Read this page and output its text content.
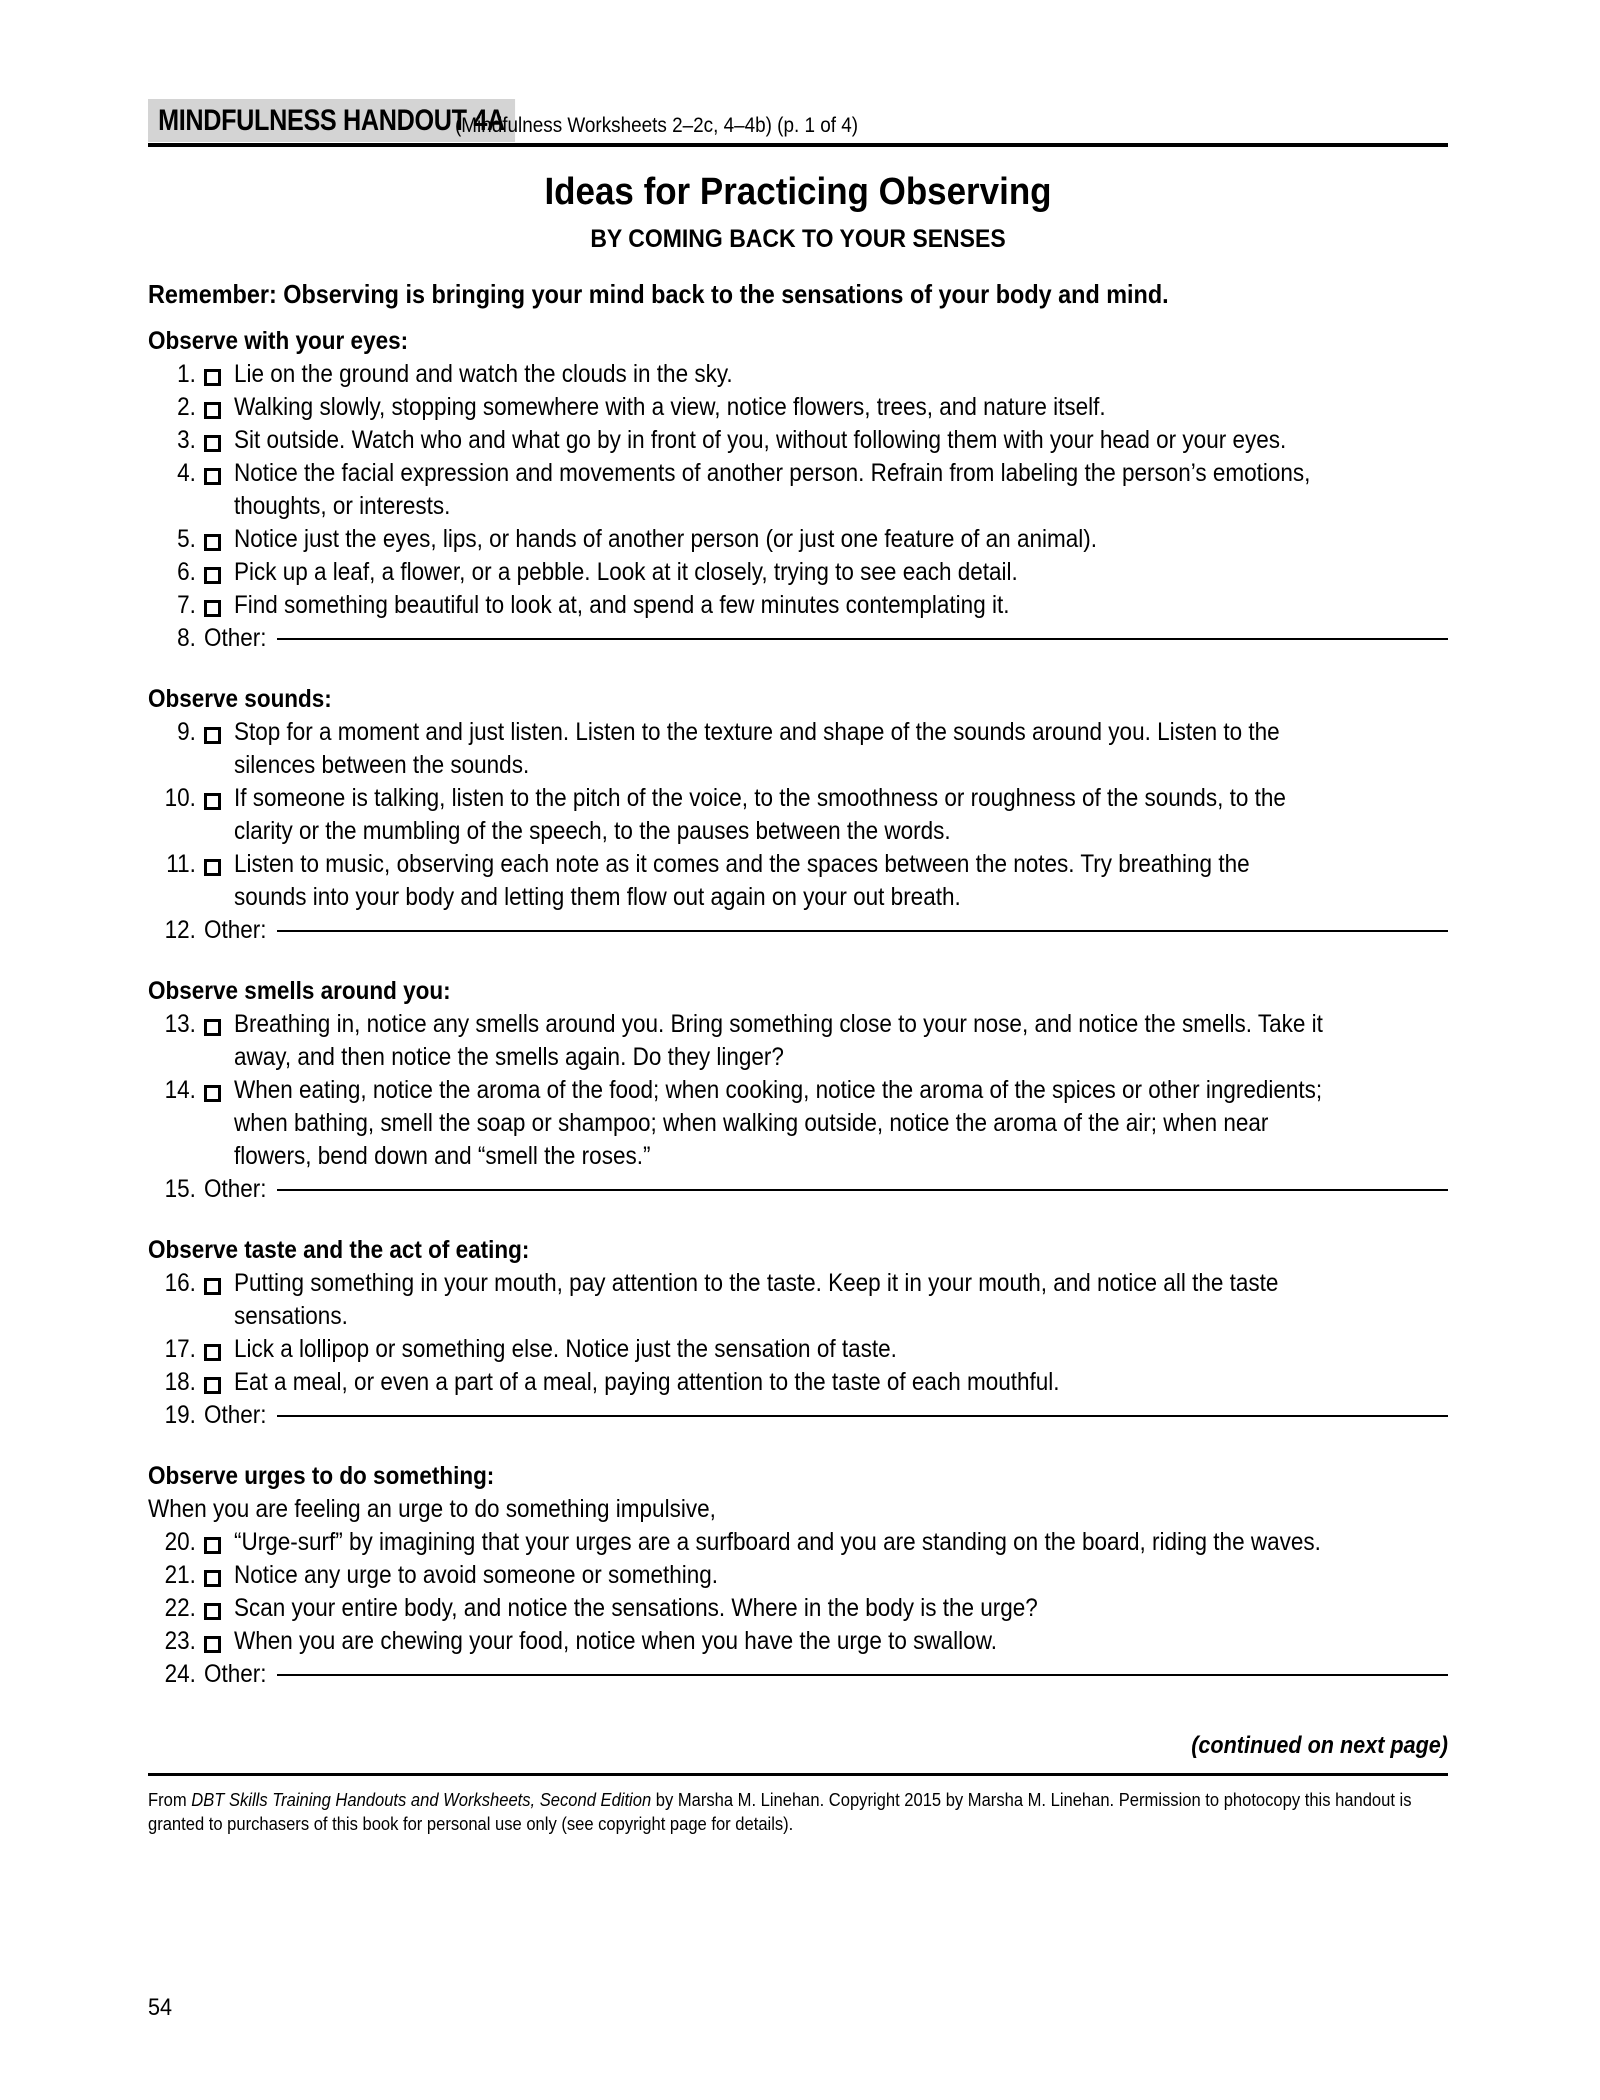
MINDFULNESS HANDOUT 4A
(Mindfulness Worksheets 2–2c, 4–4b) (p. 1 of 4)
Ideas for Practicing Observing
BY COMING BACK TO YOUR SENSES
Remember: Observing is bringing your mind back to the sensations of your body and mind.
Observe with your eyes:
1.	Lie on the ground and watch the clouds in the sky.
2.	Walking slowly, stopping somewhere with a view, notice flowers, trees, and nature itself.
3.	Sit outside. Watch who and what go by in front of you, without following them with your head or your eyes.
4.	Notice the facial expression and movements of another person. Refrain from labeling the person’s emotions, thoughts, or interests.
5.	Notice just the eyes, lips, or hands of another person (or just one feature of an animal).
6.	Pick up a leaf, a flower, or a pebble. Look at it closely, trying to see each detail.
7.	Find something beautiful to look at, and spend a few minutes contemplating it.
8. Other:
Observe sounds:
9.	Stop for a moment and just listen. Listen to the texture and shape of the sounds around you. Listen to the silences between the sounds.
10.	If someone is talking, listen to the pitch of the voice, to the smoothness or roughness of the sounds, to the clarity or the mumbling of the speech, to the pauses between the words.
11.	Listen to music, observing each note as it comes and the spaces between the notes. Try breathing the sounds into your body and letting them flow out again on your out breath.
12. Other:
Observe smells around you:
13.	Breathing in, notice any smells around you. Bring something close to your nose, and notice the smells. Take it away, and then notice the smells again. Do they linger?
14.	When eating, notice the aroma of the food; when cooking, notice the aroma of the spices or other ingredients; when bathing, smell the soap or shampoo; when walking outside, notice the aroma of the air; when near flowers, bend down and “smell the roses.”
15. Other:
Observe taste and the act of eating:
16.	Putting something in your mouth, pay attention to the taste. Keep it in your mouth, and notice all the taste sensations.
17.	Lick a lollipop or something else. Notice just the sensation of taste.
18.	Eat a meal, or even a part of a meal, paying attention to the taste of each mouthful.
19. Other:
Observe urges to do something:
When you are feeling an urge to do something impulsive,
20.	“Urge-surf” by imagining that your urges are a surfboard and you are standing on the board, riding the waves.
21.	Notice any urge to avoid someone or something.
22.	Scan your entire body, and notice the sensations. Where in the body is the urge?
23.	When you are chewing your food, notice when you have the urge to swallow.
24. Other:
(continued on next page)
From DBT Skills Training Handouts and Worksheets, Second Edition by Marsha M. Linehan. Copyright 2015 by Marsha M. Linehan. Permission to photocopy this handout is granted to purchasers of this book for personal use only (see copyright page for details).
54
